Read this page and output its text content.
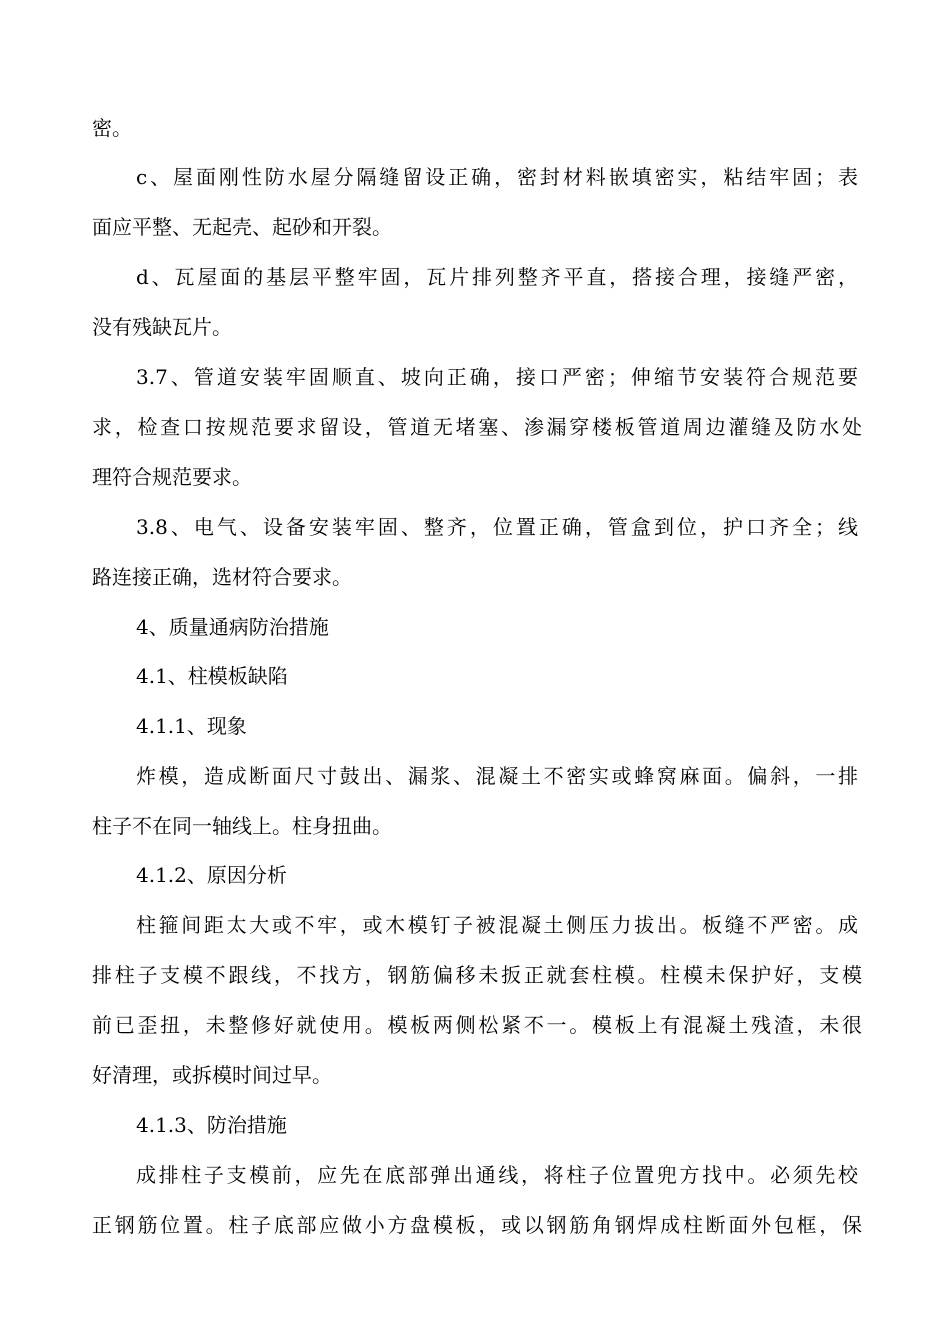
密。
c、屋面刚性防水屋分隔缝留设正确，密封材料嵌填密实，粘结牢固；表
面应平整、无起壳、起砂和开裂。
d、瓦屋面的基层平整牢固，瓦片排列整齐平直，搭接合理，接缝严密，
没有残缺瓦片。
3.7、管道安装牢固顺直、坡向正确，接口严密；伸缩节安装符合规范要
求，检查口按规范要求留设，管道无堵塞、渗漏穿楼板管道周边灌缝及防水处
理符合规范要求。
3.8、电气、设备安装牢固、整齐，位置正确，管盒到位，护口齐全；线
路连接正确，选材符合要求。
4、质量通病防治措施
4.1、柱模板缺陷
4.1.1、现象
炸模，造成断面尺寸鼓出、漏浆、混凝土不密实或蜂窝麻面。偏斜，一排
柱子不在同一轴线上。柱身扭曲。
4.1.2、原因分析
柱箍间距太大或不牢，或木模钉子被混凝土侧压力拔出。板缝不严密。成
排柱子支模不跟线，不找方，钢筋偏移未扳正就套柱模。柱模未保护好，支模
前已歪扭，未整修好就使用。模板两侧松紧不一。模板上有混凝土残渣，未很
好清理，或拆模时间过早。
4.1.3、防治措施
成排柱子支模前，应先在底部弹出通线，将柱子位置兜方找中。必须先校
正钢筋位置。柱子底部应做小方盘模板，或以钢筋角钢焊成柱断面外包框，保
